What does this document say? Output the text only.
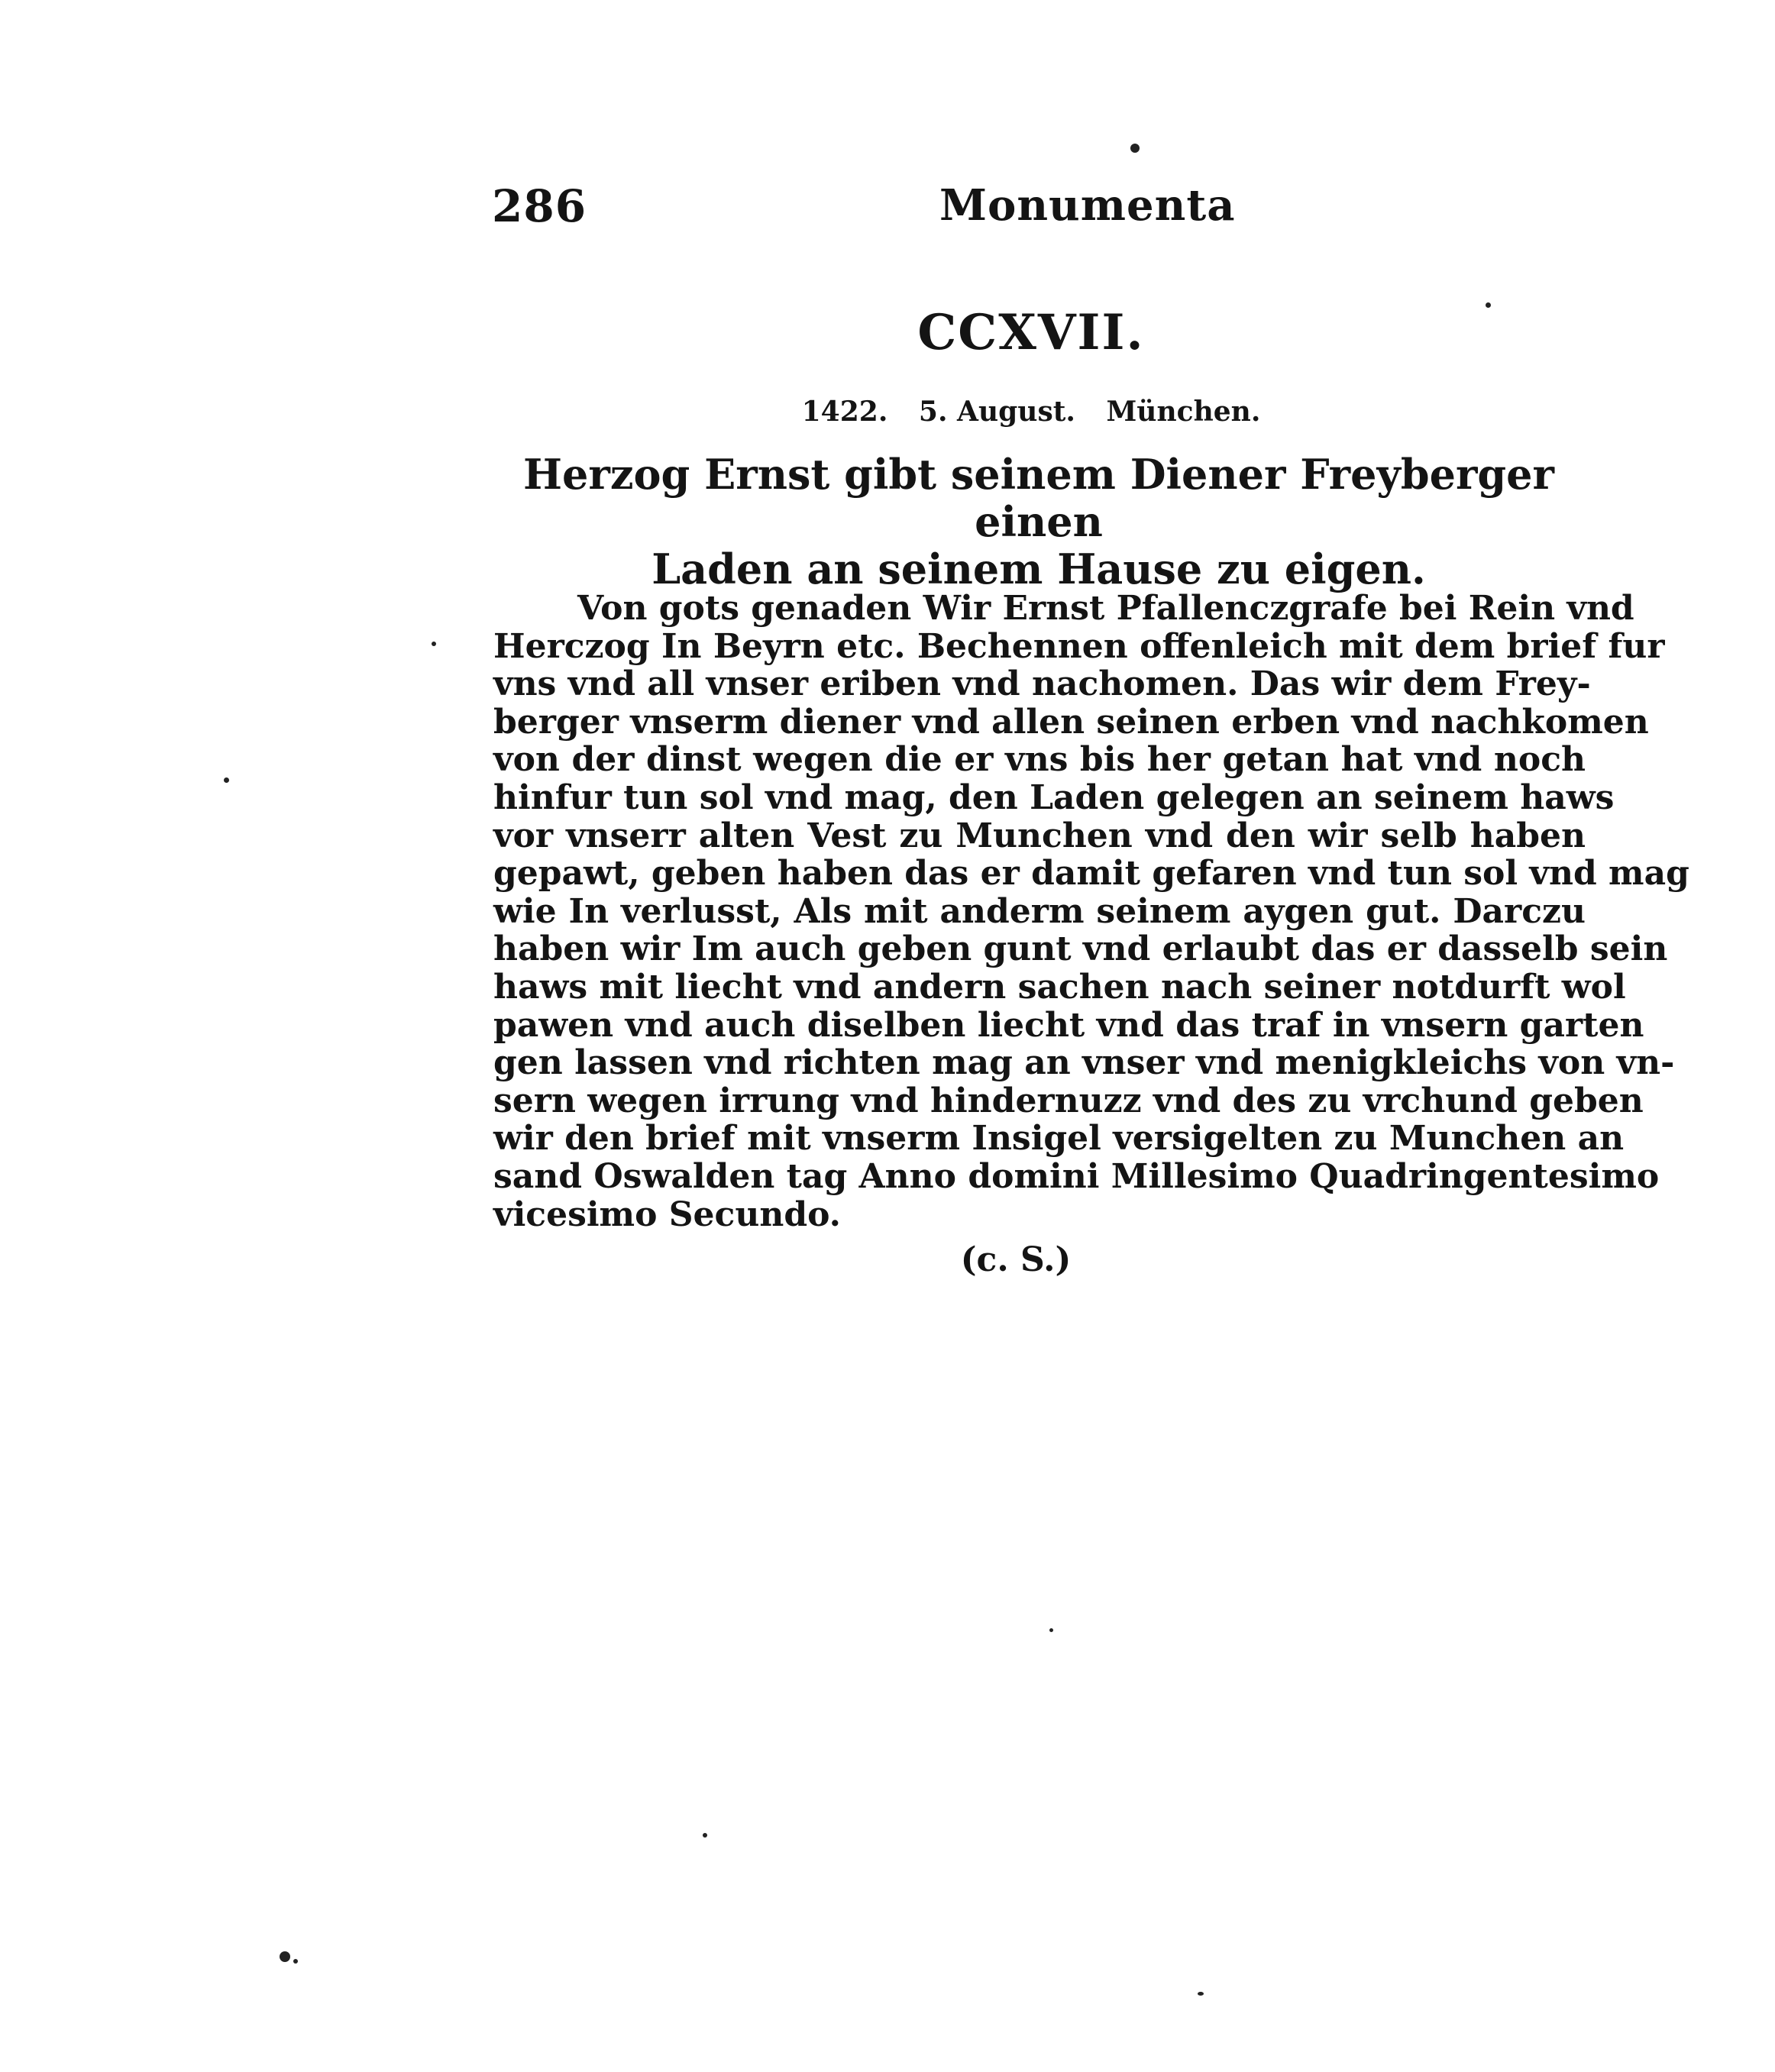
286	Monumenta
CCXVII.
1422. 5. August. München.
Herzog Ernst gibt seinem Diener Freyberger einen
Laden an seinem Hause zu eigen.
Von gots genaden Wir Ernst Pfallenczgrafe bei Rein vnd
Herczog In Beyrn etc. Bechennen offenleich mit dem brief fur
vns vnd all vnser eriben vnd nachomen. Das wir dem Frey-
berger vnserm diener vnd allen seinen erben vnd nachkomen
von der dinst wegen die er vns bis her getan hat vnd noch
hinfur tun sol vnd mag, den Laden gelegen an seinem haws
vor vnserr alten Vest zu Munchen vnd den wir selb haben
gepawt, geben haben das er damit gefaren vnd tun sol vnd mag
wie In verlusst, Als mit anderm seinem aygen gut. Darczu
haben wir Im auch geben gunt vnd erlaubt das er dasselb sein
haws mit liecht vnd andern sachen nach seiner notdurft wol
pawen vnd auch diselben liecht vnd das traf in vnsern garten
gen lassen vnd richten mag an vnser vnd menigkleichs von vn-
sern wegen irrung vnd hindernuzz vnd des zu vrchund geben
wir den brief mit vnserm Insigel versigelten zu Munchen an
sand Oswalden tag Anno domini Millesimo Quadringentesimo
vicesimo Secundo.
(c. S.)
